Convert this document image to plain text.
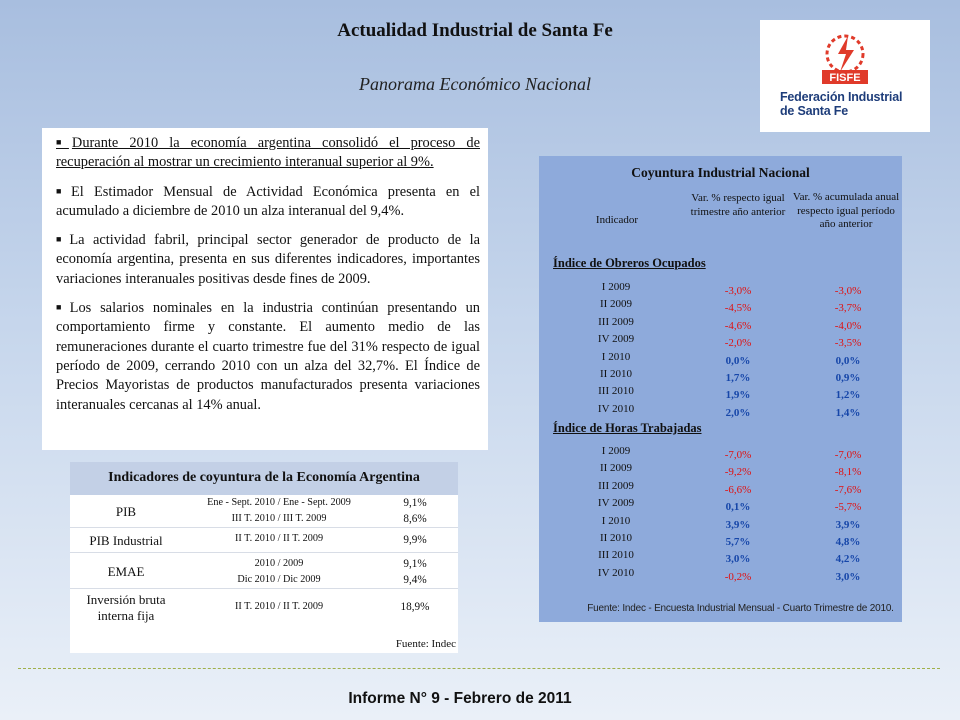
Actualidad Industrial de Santa Fe
Panorama Económico Nacional	FISFE
Federación Industrial
de Santa Fe

■ Durante 2010 la economía argentina consolidó el proceso de recuperación al mostrar un crecimiento interanual superior al 9%.

■ El Estimador Mensual de Actividad Económica presenta en el acumulado a diciembre de 2010 un alza interanual del 9,4%.

■ La actividad fabril, principal sector generador de producto de la economía argentina, presenta en sus diferentes indicadores, importantes variaciones interanuales positivas desde fines de 2009.

■ Los salarios nominales en la industria continúan presentando un comportamiento firme y constante. El aumento medio de las remuneraciones durante el cuarto trimestre fue del 31% respecto de igual período de 2009, cerrando 2010 con un alza del 32,7%. El Índice de Precios Mayoristas de productos manufacturados presenta variaciones interanuales cercanas al 14% anual.

Indicadores de coyuntura de la Economía Argentina
PIB
Ene - Sept. 2010 / Ene - Sept. 2009	9,1%
III T. 2010 / III T. 2009	8,6%
PIB Industrial	II T. 2010 / II T. 2009	9,9%
EMAE
2010 / 2009	9,1%
Dic 2010 / Dic 2009	9,4%
Inversión bruta interna fija
II T. 2010 / II T. 2009	18,9%
Fuente: Indec
Coyuntura Industrial Nacional
Indicador
Var. % respecto igual trimestre año anterior
Var. % acumulada anual respecto igual período año anterior
Fuente: Indec - Encuesta Industrial Mensual - Cuarto Trimestre de 2010.
Índice de Obreros Ocupados
I 2009	-3,0%	-3,0%
II 2009	-4,5%	-3,7%
III 2009	-4,6%	-4,0%
IV 2009	-2,0%	-3,5%
I 2010	0,0%	0,0%
II 2010	1,7%	0,9%
III 2010	1,9%	1,2%
IV 2010	2,0%	1,4%
Índice de Horas Trabajadas
I 2009	-7,0%	-7,0%
II 2009	-9,2%	-8,1%
III 2009	-6,6%	-7,6%
IV 2009	0,1%	-5,7%
I 2010	3,9%	3,9%
II 2010	5,7%	4,8%
III 2010	3,0%	4,2%
IV 2010	-0,2%	3,0%
Informe N° 9 - Febrero de 2011
